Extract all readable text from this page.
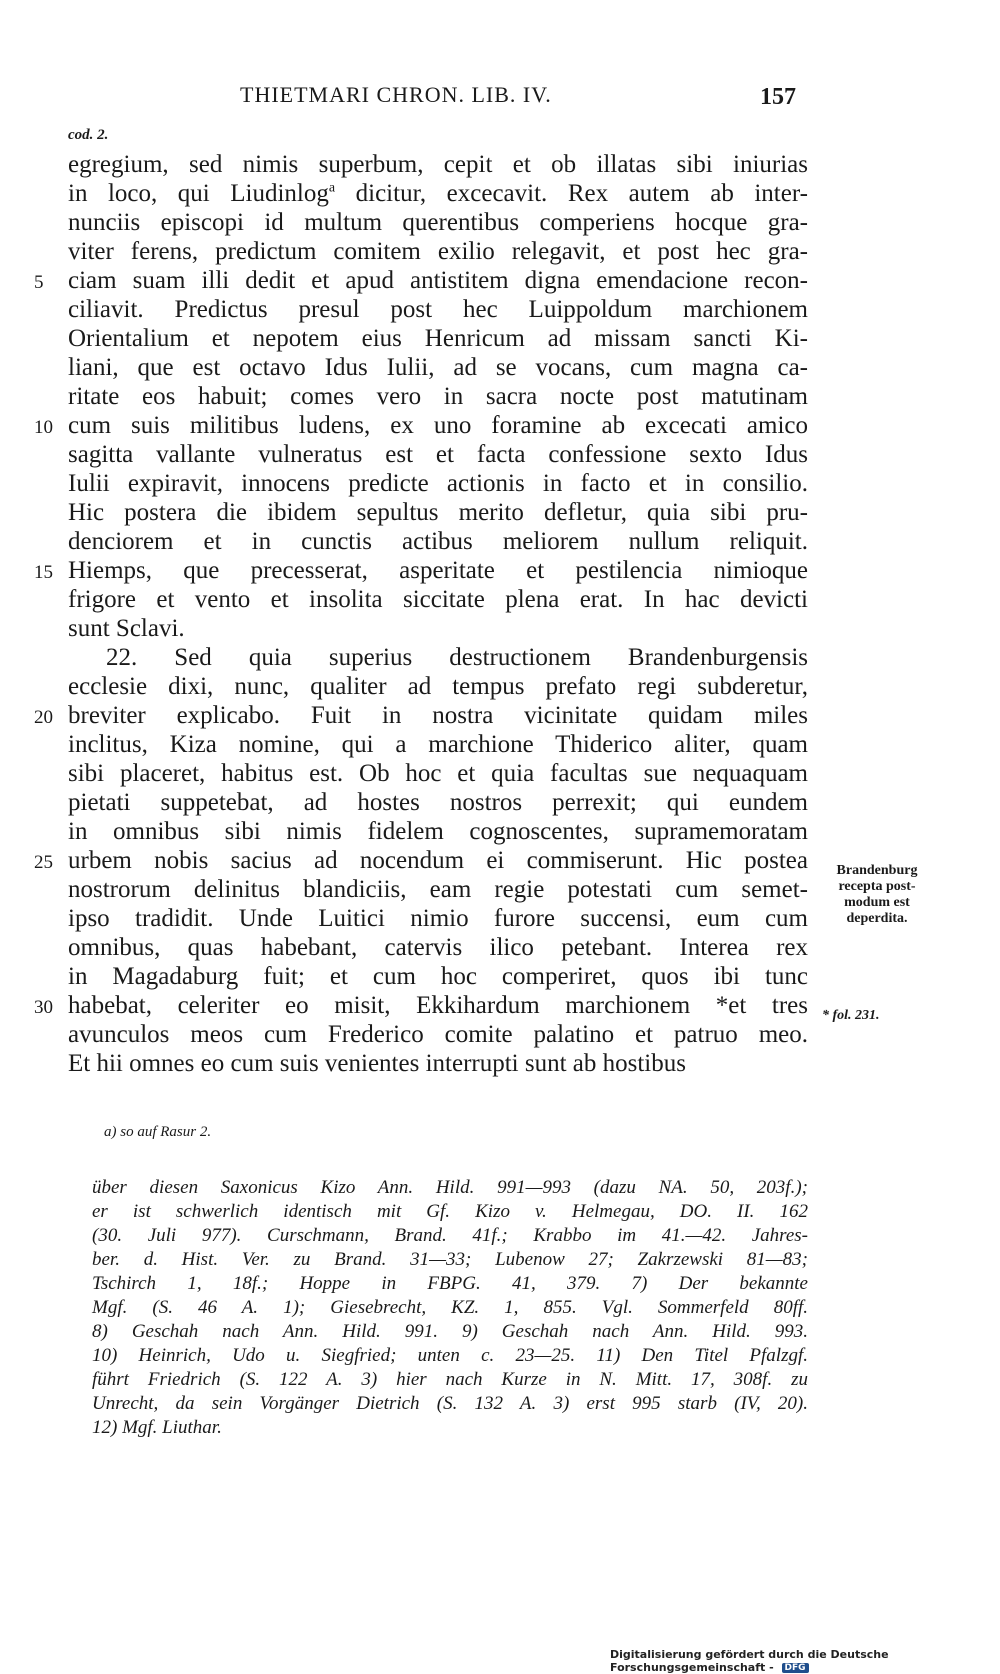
THIETMARI CHRON. LIB. IV.	157
cod. 2.
egregium, sed nimis superbum, cepit et ob illatas sibi iniurias
in loco, qui Liudinlog$^a$ dicitur, excecavit. Rex autem ab inter-
nunciis episcopi id multum querentibus comperiens hocque gra-
viter ferens, predictum comitem exilio relegavit, et post hec gra-
5 ciam suam illi dedit et apud antistitem digna emendacione recon-
ciliavit. Predictus presul post hec Luippoldum marchionem
Orientalium et nepotem eius Henricum ad missam sancti Ki-
liani, que est octavo Idus Iulii, ad se vocans, cum magna ca-
ritate eos habuit; comes vero in sacra nocte post matutinam
10 cum suis militibus ludens, ex uno foramine ab excecati amico
sagitta vallante vulneratus est et facta confessione sexto Idus
Iulii expiravit, innocens predicte actionis in facto et in consilio.
Hic postera die ibidem sepultus merito defletur, quia sibi pru-
denciorem et in cunctis actibus meliorem nullum reliquit.
15 Hiemps, que precesserat, asperitate et pestilencia nimioque
frigore et vento et insolita siccitate plena erat. In hac devicti
sunt Sclavi.
22. Sed quia superius destructionem Brandenburgensis
ecclesie dixi, nunc, qualiter ad tempus prefato regi subderetur,
20 breviter explicabo. Fuit in nostra vicinitate quidam miles
inclitus, Kiza nomine, qui a marchione Thiderico aliter, quam
sibi placeret, habitus est. Ob hoc et quia facultas sue nequaquam
pietati suppetebat, ad hostes nostros perrexit; qui eundem
in omnibus sibi nimis fidelem cognoscentes, supramemoratam
25 urbem nobis sacius ad nocendum ei commiserunt. Hic postea
nostrorum delinitus blandiciis, eam regie potestati cum semet-
ipso tradidit. Unde Luitici nimio furore succensi, eum cum
omnibus, quas habebant, catervis ilico petebant. Interea rex
in Magadaburg fuit; et cum hoc comperiret, quos ibi tunc
30 habebat, celeriter eo misit, Ekkihardum marchionem *et tres
avunculos meos cum Frederico comite palatino et patruo meo.
Et hii omnes eo cum suis venientes interrupti sunt ab hostibus
Brandenburg
recepta post-
modum est
deperdita.
* fol. 231.
a) so auf Rasur 2.
über diesen Saxonicus Kizo Ann. Hild. 991—993 (dazu NA. 50, 203f.);
er ist schwerlich identisch mit Gf. Kizo v. Helmegau, DO. II. 162
(30. Juli 977). Curschmann, Brand. 41f.; Krabbo im 41.—42. Jahres-
ber. d. Hist. Ver. zu Brand. 31—33; Lubenow 27; Zakrzewski 81—83;
Tschirch 1, 18f.; Hoppe in FBPG. 41, 379. 7) Der bekannte
Mgf. (S. 46 A. 1); Giesebrecht, KZ. 1, 855. Vgl. Sommerfeld 80ff.
8) Geschah nach Ann. Hild. 991. 9) Geschah nach Ann. Hild. 993.
10) Heinrich, Udo u. Siegfried; unten c. 23—25. 11) Den Titel Pfalzgf.
führt Friedrich (S. 122 A. 3) hier nach Kurze in N. Mitt. 17, 308f. zu
Unrecht, da sein Vorgänger Dietrich (S. 132 A. 3) erst 995 starb (IV, 20).
12) Mgf. Liuthar.
Digitalisierung gefördert durch die Deutsche Forschungsgemeinschaft - DFG
